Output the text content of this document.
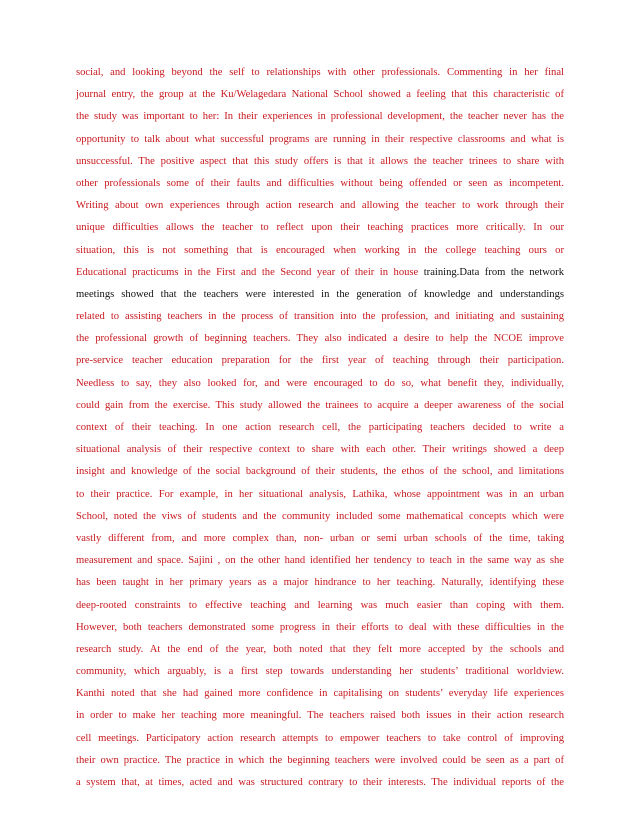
social, and looking beyond the self to relationships with other professionals. Commenting in her final
journal entry, the group at the Ku/Welagedara National School showed a feeling that this characteristic of
the study was important to her: In their experiences in professional development, the teacher never has the
opportunity to talk about what successful programs are running in their respective classrooms and what is
unsuccessful. The positive aspect that this study offers is that it allows the teacher trinees to share with
other professionals some of their faults and difficulties without being offended or seen as incompetent.
Writing about own experiences through action research and allowing the teacher to work through their
unique difficulties allows the teacher to reflect upon their teaching practices more critically. In our
situation, this is not something that is encouraged when working in the college teaching ours or
Educational practicums in the First and the Second year of their in house training.Data from the network
meetings showed that the teachers were interested in the generation of knowledge and understandings
related to assisting teachers in the process of transition into the profession, and initiating and sustaining
the professional growth of beginning teachers. They also indicated a desire to help the NCOE improve
pre-service teacher education preparation for the first year of teaching through their participation.
Needless to say, they also looked for, and were encouraged to do so, what benefit they, individually,
could gain from the exercise. This study allowed the trainees to acquire a deeper awareness of the social
context of their teaching. In one action research cell, the participating teachers decided to write a
situational analysis of their respective context to share with each other. Their writings showed a deep
insight and knowledge of the social background of their students, the ethos of the school, and limitations
to their practice. For example, in her situational analysis, Lathika, whose appointment was in an urban
School, noted the viws of students and the community included some mathematical concepts which were
vastly different from, and more complex than, non- urban or semi urban schools of the time, taking
measurement and space. Sajini , on the other hand identified her tendency to teach in the same way as she
has been taught in her primary years as a major hindrance to her teaching. Naturally, identifying these
deep-rooted constraints to effective teaching and learning was much easier than coping with them.
However, both teachers demonstrated some progress in their efforts to deal with these difficulties in the
research study. At the end of the year, both noted that they felt more accepted by the schools and
community, which arguably, is a first step towards understanding her students’ traditional worldview.
Kanthi noted that she had gained more confidence in capitalising on students’ everyday life experiences
in order to make her teaching more meaningful. The teachers raised both issues in their action research
cell meetings. Participatory action research attempts to empower teachers to take control of improving
their own practice. The practice in which the beginning teachers were involved could be seen as a part of
a system that, at times, acted and was structured contrary to their interests. The individual reports of the
